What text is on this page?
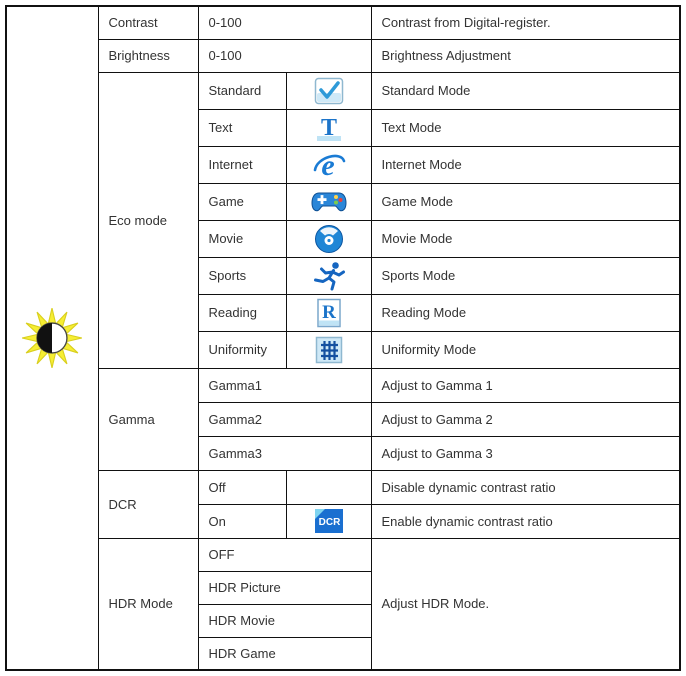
	Contrast	0-100		Contrast from Digital-register.
	Brightness	0-100		Brightness Adjustment
	Eco mode	Standard		Standard Mode
		Text	T	Text Mode
		Internet	e	Internet Mode
		Game		Game Mode
		Movie		Movie Mode
		Sports		Sports Mode
		Reading	R	Reading Mode
		Uniformity		Uniformity Mode
	Gamma	Gamma1		Adjust to Gamma 1
		Gamma2		Adjust to Gamma 2
		Gamma3		Adjust to Gamma 3
	DCR	Off		Disable dynamic contrast ratio
		On	DCR	Enable dynamic contrast ratio
	HDR Mode	OFF		Adjust HDR Mode.
		HDR Picture		
		HDR Movie		
		HDR Game		
